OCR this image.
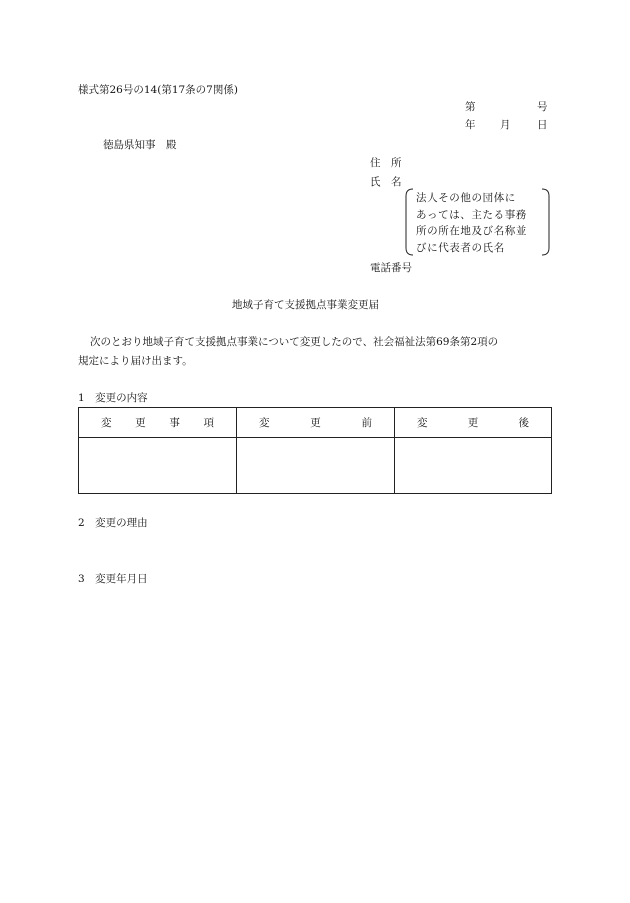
様式第26号の14(第17条の7関係)
第	号
年 月	日
徳島県知事　殿
住　所
氏　名
法人その他の団体に
あっては、主たる事務
所の所在地及び名称並
びに代表者の氏名
電話番号
地域子育て支援拠点事業変更届
次のとおり地域子育て支援拠点事業について変更したので、社会福祉法第69条第2項の
規定により届け出ます。
1　変更の内容
変 更 事 項	変 更 前	変 更 後

2　変更の理由
3　変更年月日
